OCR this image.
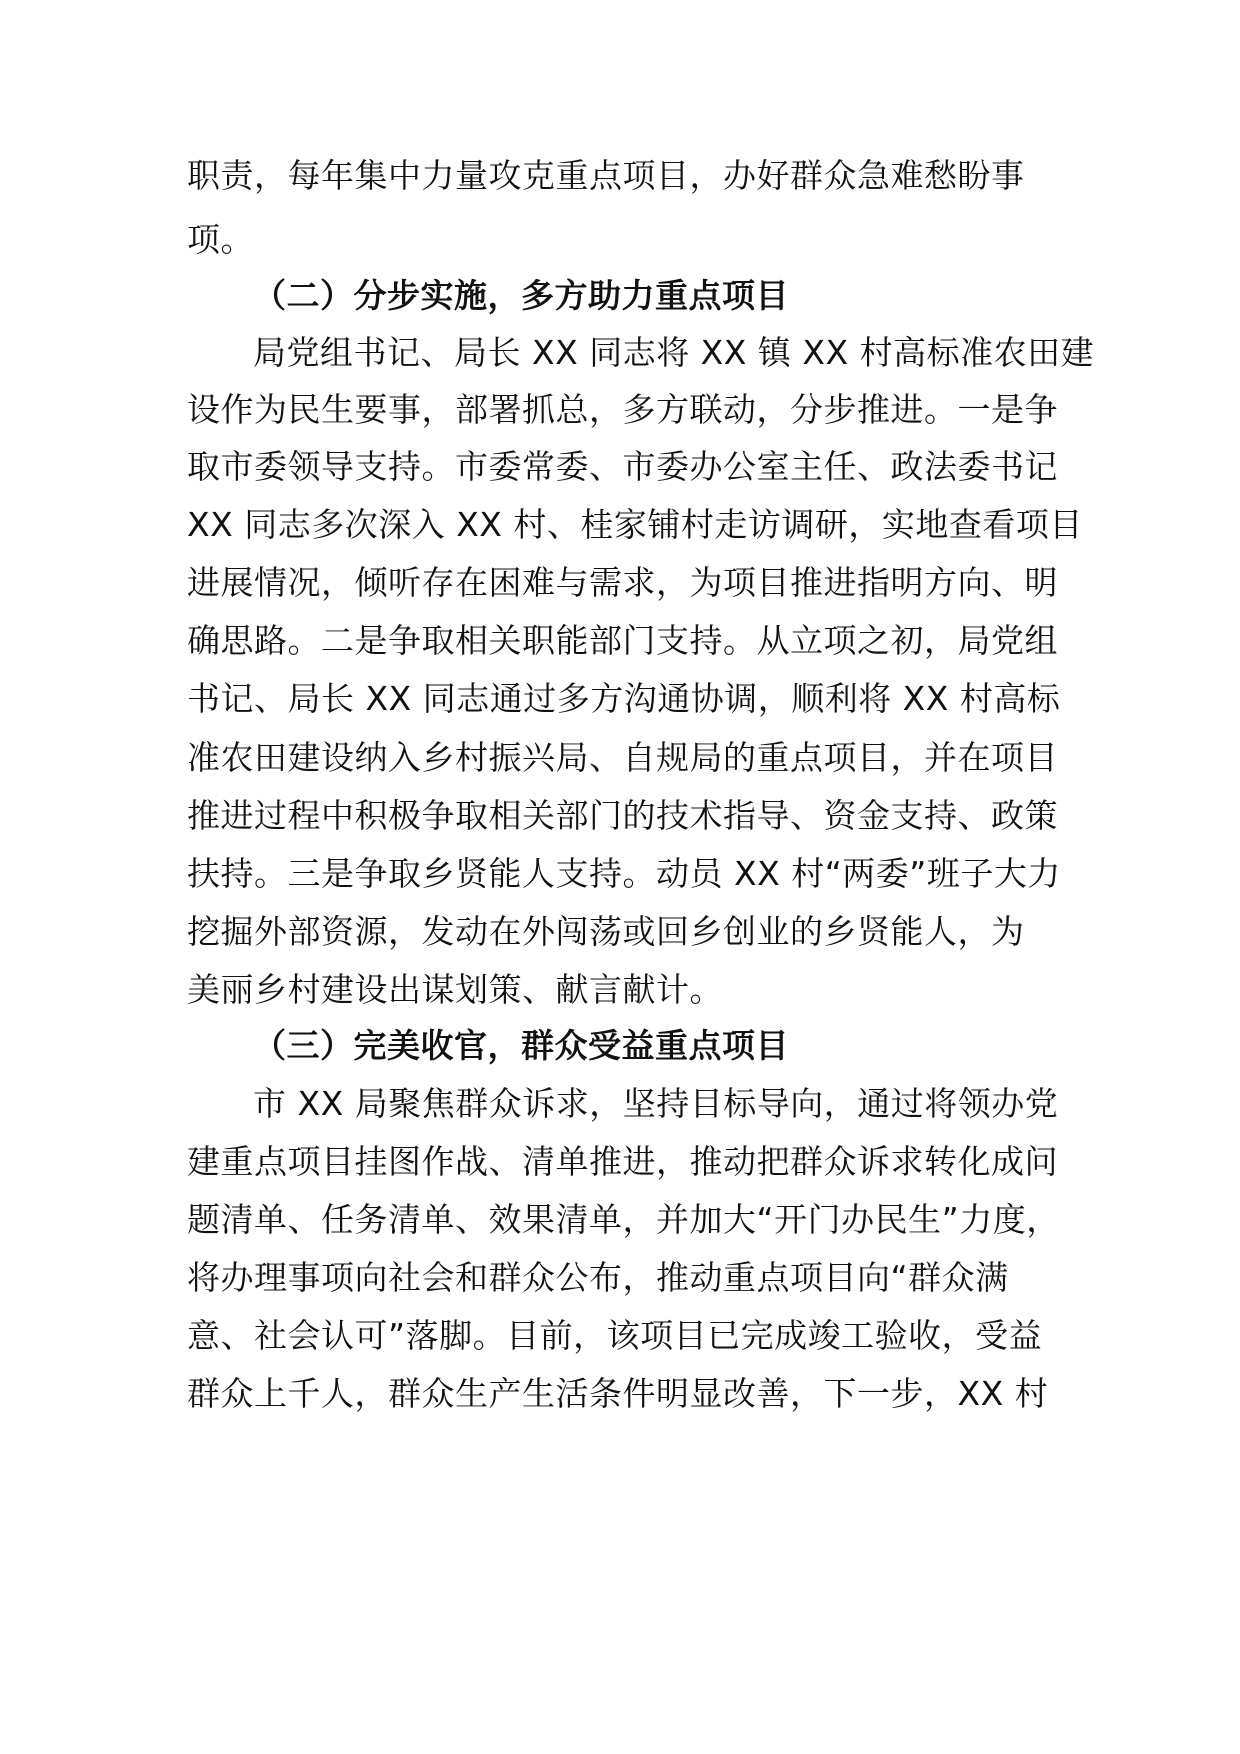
职责，每年集中力量攻克重点项目，办好群众急难愁盼事
项。
（二）分步实施，多方助力重点项目
局党组书记、局长 XX 同志将 XX 镇 XX 村高标准农田建
设作为民生要事，部署抓总，多方联动，分步推进。一是争
取市委领导支持。市委常委、市委办公室主任、政法委书记
XX 同志多次深入 XX 村、桂家铺村走访调研，实地查看项目
进展情况，倾听存在困难与需求，为项目推进指明方向、明
确思路。二是争取相关职能部门支持。从立项之初，局党组
书记、局长 XX 同志通过多方沟通协调，顺利将 XX 村高标
准农田建设纳入乡村振兴局、自规局的重点项目，并在项目
推进过程中积极争取相关部门的技术指导、资金支持、政策
扶持。三是争取乡贤能人支持。动员 XX 村“两委”班子大力
挖掘外部资源，发动在外闯荡或回乡创业的乡贤能人，为
美丽乡村建设出谋划策、献言献计。
（三）完美收官，群众受益重点项目
市 XX 局聚焦群众诉求，坚持目标导向，通过将领办党
建重点项目挂图作战、清单推进，推动把群众诉求转化成问
题清单、任务清单、效果清单，并加大“开门办民生”力度，
将办理事项向社会和群众公布，推动重点项目向“群众满
意、社会认可”落脚。目前，该项目已完成竣工验收，受益
群众上千人，群众生产生活条件明显改善，下一步，XX 村
